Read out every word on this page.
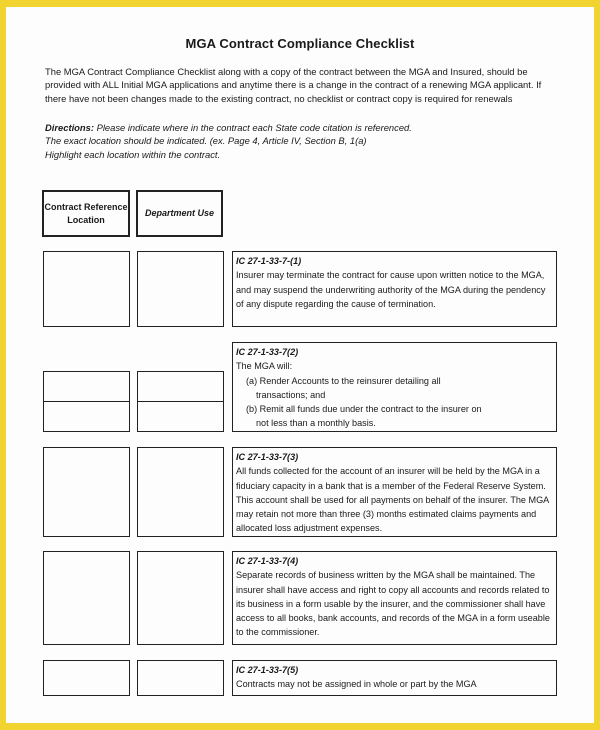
MGA Contract Compliance Checklist
The MGA Contract Compliance Checklist along with a copy of the contract between the MGA and Insured, should be provided with ALL Initial MGA applications and anytime there is a change in the contract of a renewing MGA applicant. If there have not been changes made to the existing contract, no checklist or contract copy is required for renewals
Directions: Please indicate where in the contract each State code citation is referenced.
The exact location should be indicated. (ex. Page 4, Article IV, Section B, 1(a)
Highlight each location within the contract.
Contract Reference Location
Department Use
IC 27-1-33-7-(1)
Insurer may terminate the contract for cause upon written notice to the MGA, and may suspend the underwriting authority of the MGA during the pendency of any dispute regarding the cause of termination.
IC 27-1-33-7(2)
The MGA will:
(a) Render Accounts to the reinsurer detailing all
transactions; and
(b) Remit all funds due under the contract to the insurer on
not less than a monthly basis.
IC 27-1-33-7(3)
All funds collected for the account of an insurer will be held by the MGA in a fiduciary capacity in a bank that is a member of the Federal Reserve System. This account shall be used for all payments on behalf of the insurer. The MGA may retain not more than three (3) months estimated claims payments and allocated loss adjustment expenses.
IC 27-1-33-7(4)
Separate records of business written by the MGA shall be maintained. The insurer shall have access and right to copy all accounts and records related to its business in a form usable by the insurer, and the commissioner shall have access to all books, bank accounts, and records of the MGA in a form useable to the commissioner.
IC 27-1-33-7(5)
Contracts may not be assigned in whole or part by the MGA
